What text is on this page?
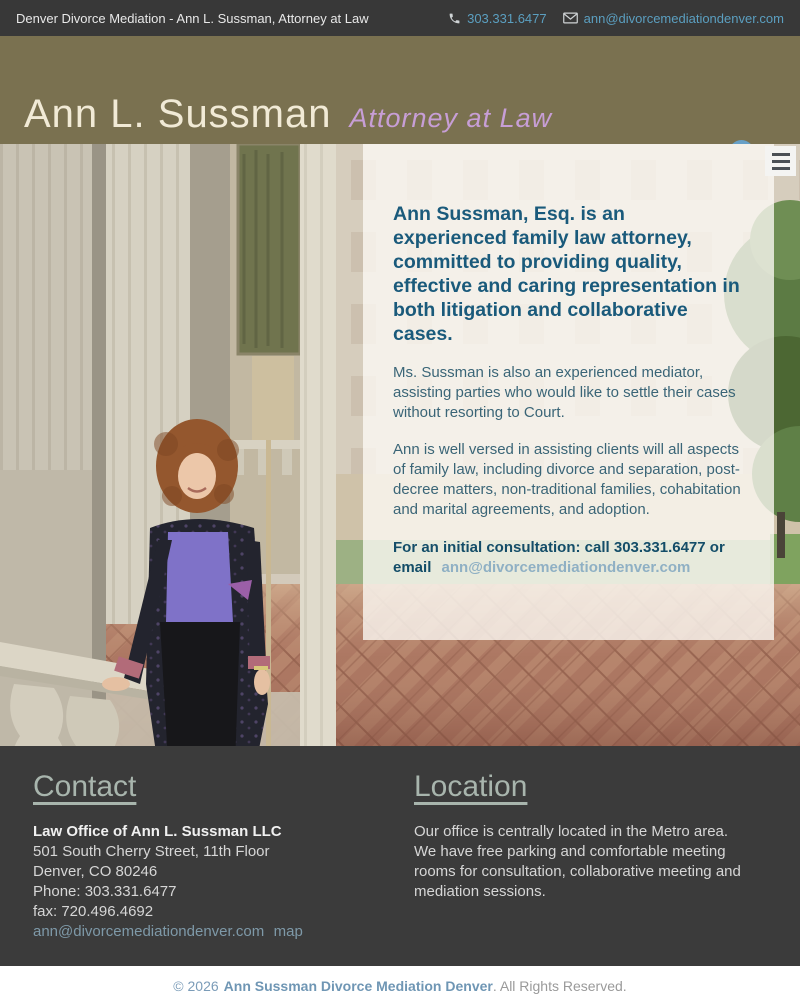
Denver Divorce Mediation - Ann L. Sussman, Attorney at Law	303.331.6477	ann@divorcemediationdenver.com
Ann L. Sussman Attorney at Law
Ann Sussman, Esq. is an experienced family law attorney, committed to providing quality, effective and caring representation in both litigation and collaborative cases.

Ms. Sussman is also an experienced mediator, assisting parties who would like to settle their cases without resorting to Court.

Ann is well versed in assisting clients will all aspects of family law, including divorce and separation, post-decree matters, non-traditional families, cohabitation and marital agreements, and adoption.

For an initial consultation: call 303.331.6477 or email ann@divorcemediationdenver.com

Contact
Law Office of Ann L. Sussman LLC
501 South Cherry Street, 11th Floor
Denver, CO 80246
Phone: 303.331.6477
fax: 720.496.4692
ann@divorcemediationdenver.com map
Location
Our office is centrally located in the Metro area.
We have free parking and comfortable meeting rooms for consultation, collaborative meeting and mediation sessions.
© 2026 Ann Sussman Divorce Mediation Denver . All Rights Reserved.
